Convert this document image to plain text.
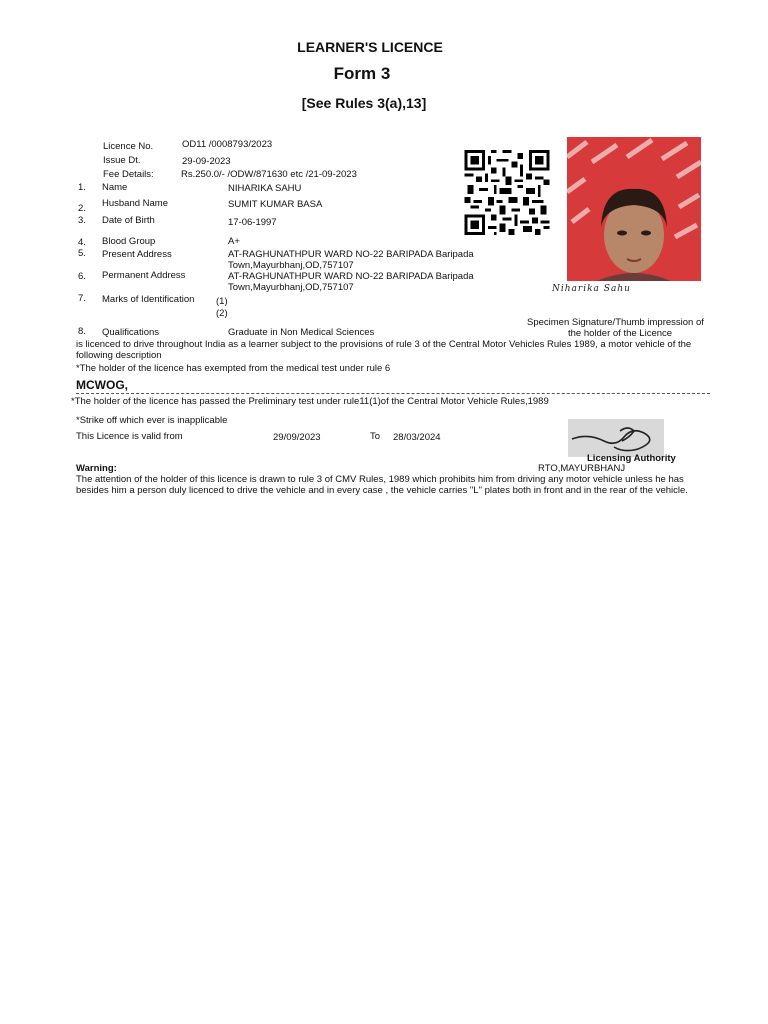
LEARNER'S LICENCE
Form 3
[See Rules 3(a),13]
Licence No.	OD11 /0008793/2023
Issue Dt.	29-09-2023
Fee Details:	Rs.250.0/- /ODW/871630 etc /21-09-2023
1. Name	NIHARIKA SAHU
2. Husband Name	SUMIT KUMAR BASA
3. Date of Birth	17-06-1997
4. Blood Group	A+
5. Present Address	AT-RAGHUNATHPUR WARD NO-22 BARIPADA Baripada
Town,Mayurbhanj,OD,757107
6. Permanent Address	AT-RAGHUNATHPUR WARD NO-22 BARIPADA Baripada
Town,Mayurbhanj,OD,757107
7. Marks of Identification (1)
(2)
8. Qualifications	Graduate in Non Medical Sciences
Niharika Sahu
Specimen Signature/Thumb impression of
the holder of the Licence
is licenced to drive throughout India as a learner subject to the provisions of rule 3 of the Central Motor Vehicles Rules 1989, a motor vehicle of the following description
*The holder of the licence has exempted from the medical test under rule 6
MCWOG,
*The holder of the licence has passed the Preliminary test under rule11(1)of the Central Motor Vehicle Rules,1989
*Strike off which ever is inapplicable
This Licence is valid from	29/09/2023	To 28/03/2024
Licensing Authority
RTO,MAYURBHANJ
Warning:
The attention of the holder of this licence is drawn to rule 3 of CMV Rules, 1989 which prohibits him from driving any motor vehicle unless he has besides him a person duly licenced to drive the vehicle and in every case , the vehicle carries "L" plates both in front and in the rear of the vehicle.
